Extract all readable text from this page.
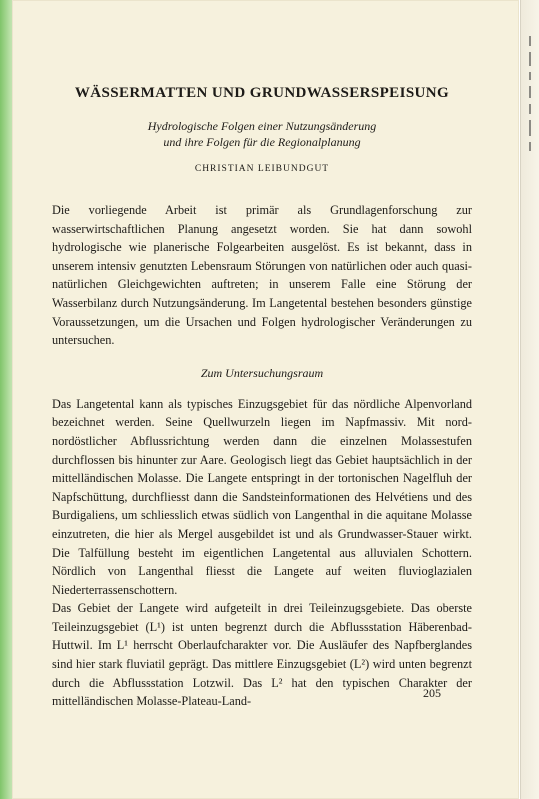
WÄSSERMATTEN UND GRUNDWASSERSPEISUNG
Hydrologische Folgen einer Nutzungsänderung
und ihre Folgen für die Regionalplanung
CHRISTIAN LEIBUNDGUT

Die vorliegende Arbeit ist primär als Grundlagenforschung zur wasserwirtschaftlichen Planung angesetzt worden. Sie hat dann sowohl hydrologische wie planerische Folgearbeiten ausgelöst. Es ist bekannt, dass in unserem intensiv genutzten Lebensraum Störungen von natürlichen oder auch quasi-natürlichen Gleichgewichten auftreten; in unserem Falle eine Störung der Wasserbilanz durch Nutzungsänderung. Im Langetental bestehen besonders günstige Voraussetzungen, um die Ursachen und Folgen hydrologischer Veränderungen zu untersuchen.

Zum Untersuchungsraum

Das Langetental kann als typisches Einzugsgebiet für das nördliche Alpenvorland bezeichnet werden. Seine Quellwurzeln liegen im Napfmassiv. Mit nord-nordöstlicher Abflussrichtung werden dann die einzelnen Molassestufen durchflossen bis hinunter zur Aare. Geologisch liegt das Gebiet hauptsächlich in der mittelländischen Molasse. Die Langete entspringt in der tortonischen Nagelfluh der Napfschüttung, durchfliesst dann die Sandsteinformationen des Helvétiens und des Burdigaliens, um schliesslich etwas südlich von Langenthal in die aquitane Molasse einzutreten, die hier als Mergel ausgebildet ist und als Grundwasser-Stauer wirkt. Die Talfüllung besteht im eigentlichen Langetental aus alluvialen Schottern. Nördlich von Langenthal fliesst die Langete auf weiten fluvioglazialen Niederterrassenschottern.

Das Gebiet der Langete wird aufgeteilt in drei Teileinzugsgebiete. Das oberste Teileinzugsgebiet (L¹) ist unten begrenzt durch die Abflussstation Häberenbad-Huttwil. Im L¹ herrscht Oberlaufcharakter vor. Die Ausläufer des Napfberglandes sind hier stark fluviatil geprägt. Das mittlere Einzugsgebiet (L²) wird unten begrenzt durch die Abflussstation Lotzwil. Das L² hat den typischen Charakter der mittelländischen Molasse-Plateau-Land-

205
